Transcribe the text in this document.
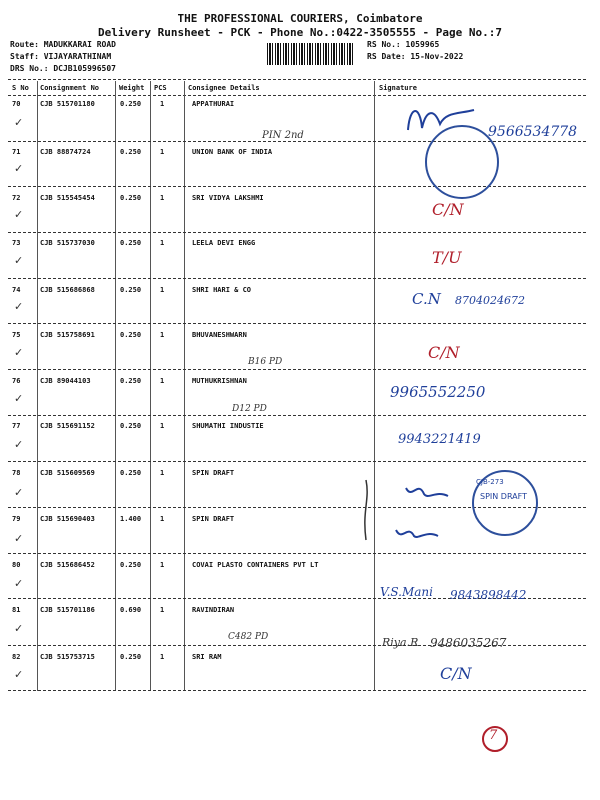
THE PROFESSIONAL COURIERS, Coimbatore
Delivery Runsheet - PCK - Phone No.:0422-3505555 - Page No.:7
Route: MADUKKARAI ROAD
Staff: VIJAYARATHINAM
DRS No.: DCJB105996507
RS No.: 1059965
RS Date: 15-Nov-2022
S No Consignment No	Weight PCS	Consignee Details	Signature
70	CJB 515701180	0.250	1	APPATHURAI
71	CJB 88874724	0.250	1	UNION BANK OF INDIA
72	CJB 515545454	0.250	1	SRI VIDYA LAKSHMI
73	CJB 515737030	0.250	1	LEELA DEVI ENGG
74	CJB 515686868	0.250	1	SHRI HARI & CO
75	CJB 515758691	0.250	1	BHUVANESHWARN
76	CJB 89044103	0.250	1	MUTHUKRISHNAN
77	CJB 515691152	0.250	1	SHUMATHI INDUSTIE
78	CJB 515609569	0.250	1	SPIN DRAFT
79	CJB 515690403	1.400	1	SPIN DRAFT
80	CJB 515686452	0.250	1	COVAI PLASTO CONTAINERS PVT LT
81	CJB 515701186	0.690	1	RAVINDIRAN
82	CJB 515753715	0.250	1	SRI RAM
✓
✓
✓
✓
✓
✓
✓
✓
✓
✓
✓
✓
✓
9566534778
PIN 2nd
C/N
T/U
C.N 8704024672
C/N
B16 PD
9965552250
D12 PD
9943221419
SPIN DRAFT
CJB-273
V.S.Mani 9843898442
C482 PD	Riya.R 9486035267
C/N
7
